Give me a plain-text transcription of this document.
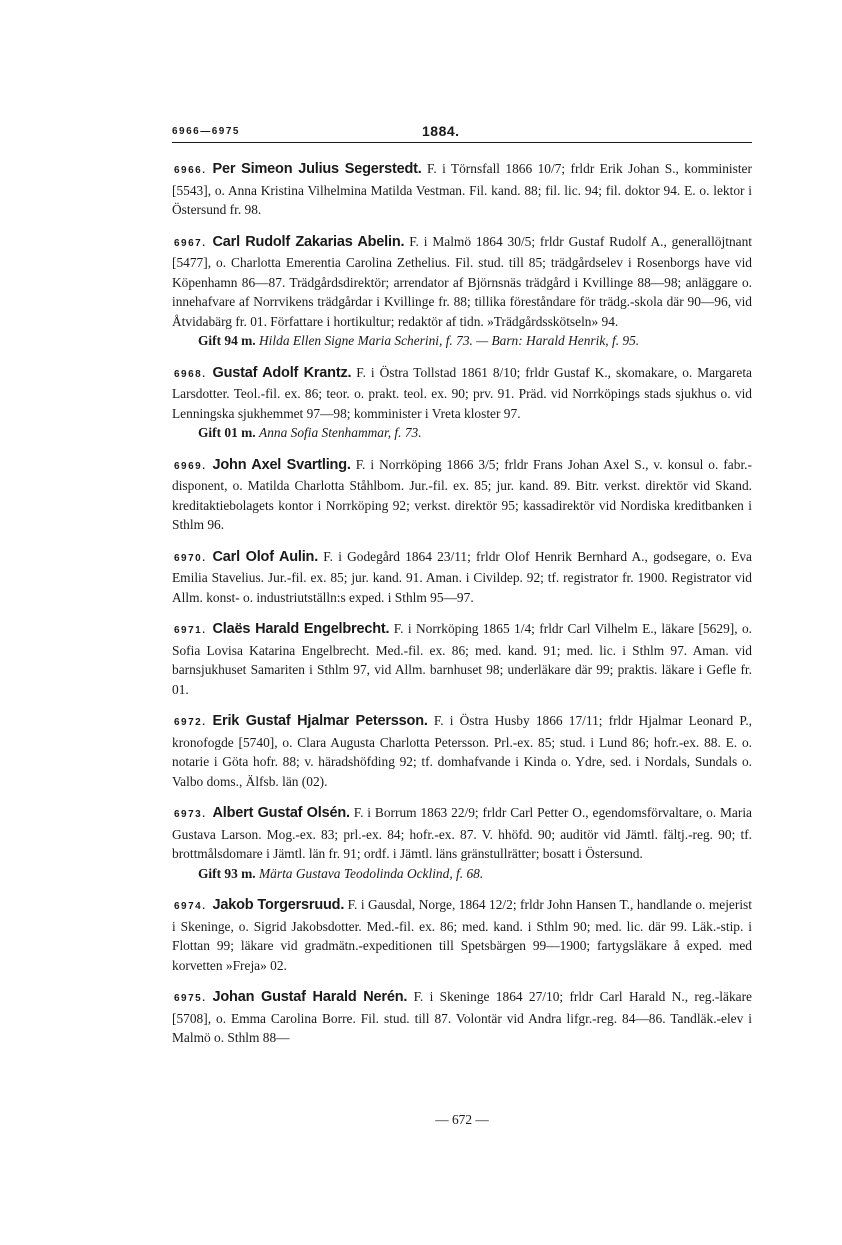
6966—6975	1884.

6966. Per Simeon Julius Segerstedt. F. i Törnsfall 1866 10/7; frldr Erik Johan S., komminister [5543], o. Anna Kristina Vilhelmina Matilda Vestman. Fil. kand. 88; fil. lic. 94; fil. doktor 94. E. o. lektor i Östersund fr. 98.

6967. Carl Rudolf Zakarias Abelin. F. i Malmö 1864 30/5; frldr Gustaf Rudolf A., generallöjtnant [5477], o. Charlotta Emerentia Carolina Zethelius. Fil. stud. till 85; trädgårdselev i Rosenborgs have vid Köpenhamn 86—87. Trädgårdsdirektör; arrendator af Björnsnäs trädgård i Kvillinge 88—98; anläggare o. innehafvare af Norrvikens trädgårdar i Kvillinge fr. 88; tillika föreståndare för trädg.-skola där 90—96, vid Åtvidabärg fr. 01. Författare i hortikultur; redaktör af tidn. »Trädgårdsskötseln» 94.
Gift 94 m. Hilda Ellen Signe Maria Scherini, f. 73. — Barn: Harald Henrik, f. 95.

6968. Gustaf Adolf Krantz. F. i Östra Tollstad 1861 8/10; frldr Gustaf K., skomakare, o. Margareta Larsdotter. Teol.-fil. ex. 86; teor. o. prakt. teol. ex. 90; prv. 91. Präd. vid Norrköpings stads sjukhus o. vid Lenningska sjukhemmet 97—98; komminister i Vreta kloster 97.
Gift 01 m. Anna Sofia Stenhammar, f. 73.

6969. John Axel Svartling. F. i Norrköping 1866 3/5; frldr Frans Johan Axel S., v. konsul o. fabr.-disponent, o. Matilda Charlotta Ståhlbom. Jur.-fil. ex. 85; jur. kand. 89. Bitr. verkst. direktör vid Skand. kreditaktiebolagets kontor i Norrköping 92; verkst. direktör 95; kassadirektör vid Nordiska kreditbanken i Sthlm 96.

6970. Carl Olof Aulin. F. i Godegård 1864 23/11; frldr Olof Henrik Bernhard A., godsegare, o. Eva Emilia Stavelius. Jur.-fil. ex. 85; jur. kand. 91. Aman. i Civildep. 92; tf. registrator fr. 1900. Registrator vid Allm. konst- o. industriutställn:s exped. i Sthlm 95—97.

6971. Claës Harald Engelbrecht. F. i Norrköping 1865 1/4; frldr Carl Vilhelm E., läkare [5629], o. Sofia Lovisa Katarina Engelbrecht. Med.-fil. ex. 86; med. kand. 91; med. lic. i Sthlm 97. Aman. vid barnsjukhuset Samariten i Sthlm 97, vid Allm. barnhuset 98; underläkare där 99; praktis. läkare i Gefle fr. 01.

6972. Erik Gustaf Hjalmar Petersson. F. i Östra Husby 1866 17/11; frldr Hjalmar Leonard P., kronofogde [5740], o. Clara Augusta Charlotta Petersson. Prl.-ex. 85; stud. i Lund 86; hofr.-ex. 88. E. o. notarie i Göta hofr. 88; v. häradshöfding 92; tf. domhafvande i Kinda o. Ydre, sed. i Nordals, Sundals o. Valbo doms., Älfsb. län (02).

6973. Albert Gustaf Olsén. F. i Borrum 1863 22/9; frldr Carl Petter O., egendomsförvaltare, o. Maria Gustava Larson. Mog.-ex. 83; prl.-ex. 84; hofr.-ex. 87. V. hhöfd. 90; auditör vid Jämtl. fältj.-reg. 90; tf. brottmålsdomare i Jämtl. län fr. 91; ordf. i Jämtl. läns gränstullrätter; bosatt i Östersund.
Gift 93 m. Märta Gustava Teodolinda Ocklind, f. 68.

6974. Jakob Torgersruud. F. i Gausdal, Norge, 1864 12/2; frldr John Hansen T., handlande o. mejerist i Skeninge, o. Sigrid Jakobsdotter. Med.-fil. ex. 86; med. kand. i Sthlm 90; med. lic. där 99. Läk.-stip. i Flottan 99; läkare vid gradmätn.-expeditionen till Spetsbärgen 99—1900; fartygsläkare å exped. med korvetten »Freja» 02.

6975. Johan Gustaf Harald Nerén. F. i Skeninge 1864 27/10; frldr Carl Harald N., reg.-läkare [5708], o. Emma Carolina Borre. Fil. stud. till 87. Volontär vid Andra lifgr.-reg. 84—86. Tandläk.-elev i Malmö o. Sthlm 88—

— 672 —
